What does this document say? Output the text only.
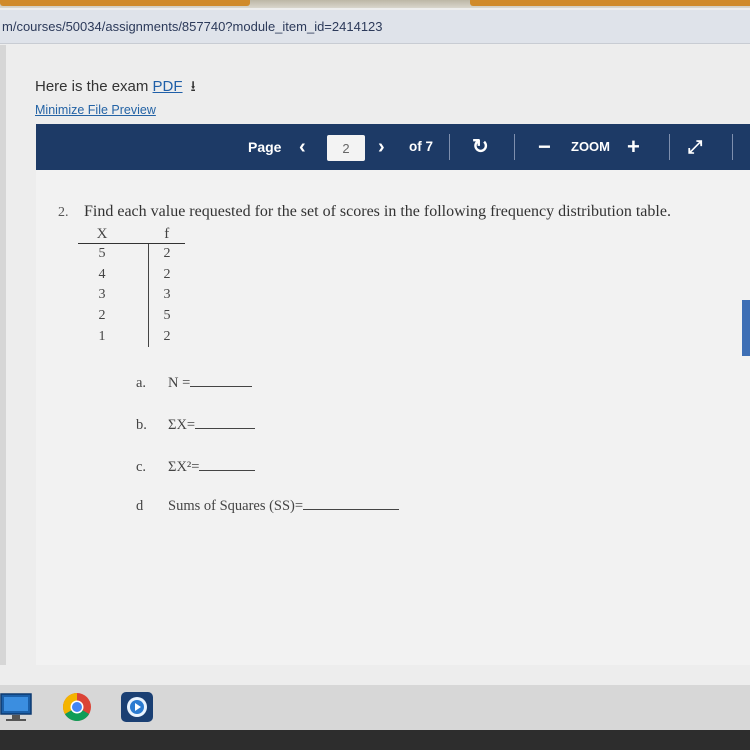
m/courses/50034/assignments/857740?module_item_id=2414123
Here is the exam PDF ⭳
Minimize File Preview
Page ‹
2	› of 7 ↻ − ZOOM +	⤢
2. Find each value requested for the set of scores in the following frequency distribution table.
X		f
5		2
4		2
3		3
2		5
1		2
a. N =
b. ΣX=
c. ΣX²=
d Sums of Squares (SS)=
